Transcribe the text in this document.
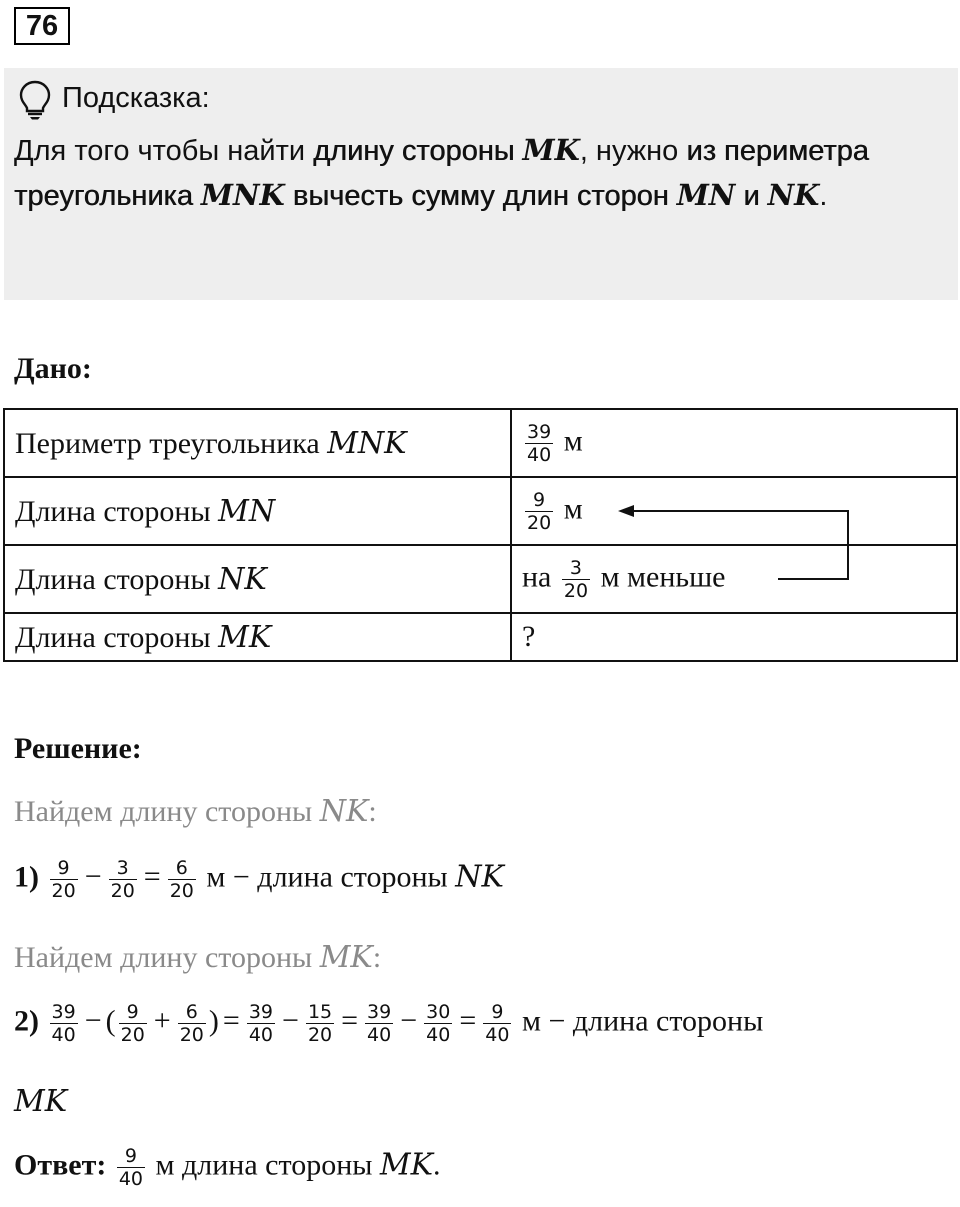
76
Подсказка:
Для того чтобы найти длину стороны MK, нужно из периметра треугольника MNK вычесть сумму длин сторон MN и NK.
Дано:
Периметр треугольника MNK	$\frac{39}{40}$ м
Длина стороны MN	$\frac{9}{20}$ м
Длина стороны NK	на $\frac{3}{20}$ м меньше
Длина стороны MK	?
Решение:
Найдем длину стороны NK:
$1) \frac{9}{20} - \frac{3}{20} = \frac{6}{20}$ м − длина стороны NK
Найдем длину стороны MK:
$2) \frac{39}{40}$ − ( $\frac{9}{20} + \frac{6}{20}$ ) = $\frac{39}{40} - \frac{15}{20} = \frac{39}{40} - \frac{30}{40} = \frac{9}{40}$ м − длина стороны
MK
Ответ: $\frac{9}{40}$ м длина стороны MK.
